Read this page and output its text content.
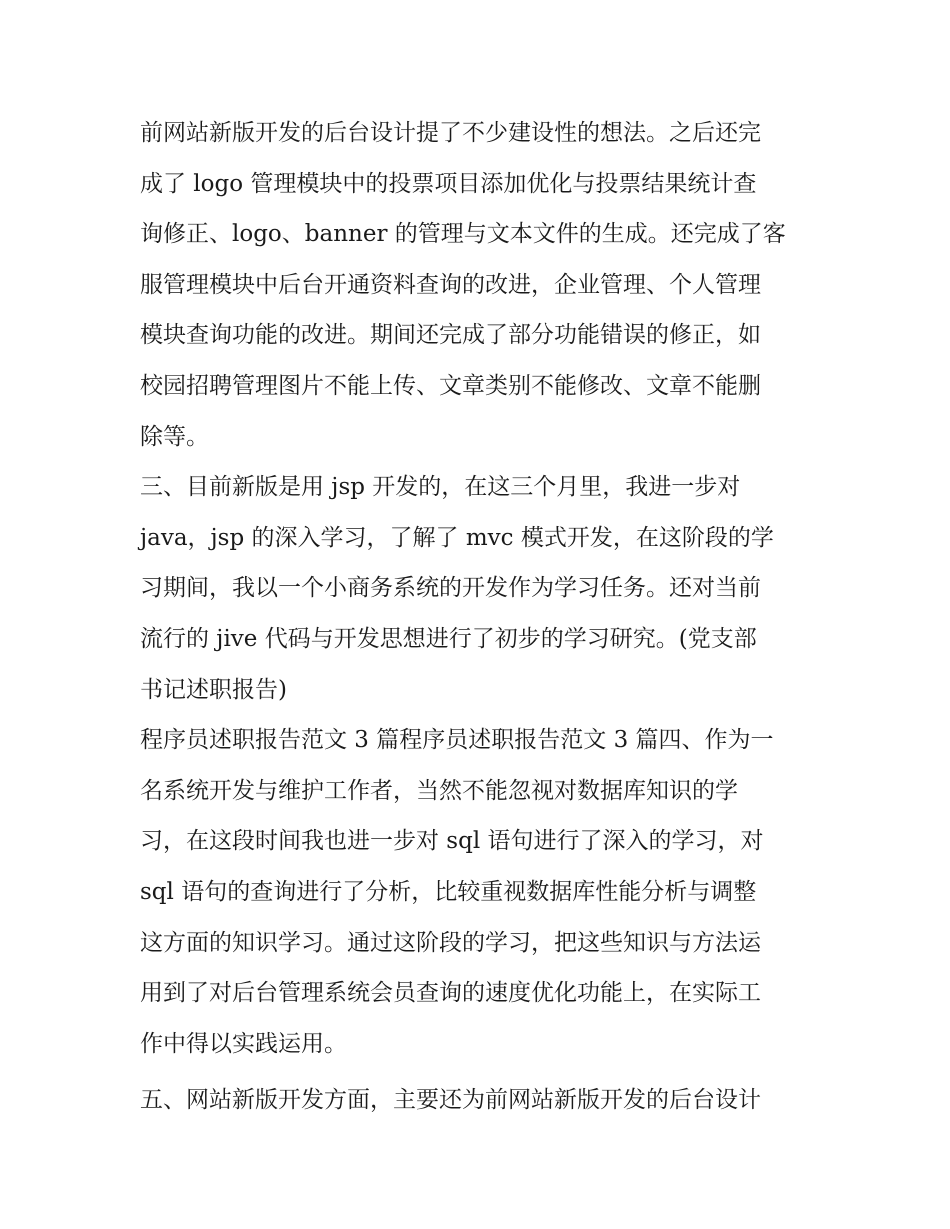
前网站新版开发的后台设计提了不少建设性的想法。之后还完
成了 logo 管理模块中的投票项目添加优化与投票结果统计查
询修正、logo、banner 的管理与文本文件的生成。还完成了客
服管理模块中后台开通资料查询的改进，企业管理、个人管理
模块查询功能的改进。期间还完成了部分功能错误的修正，如
校园招聘管理图片不能上传、文章类别不能修改、文章不能删
除等。
三、目前新版是用 jsp 开发的，在这三个月里，我进一步对
java，jsp 的深入学习，了解了 mvc 模式开发，在这阶段的学
习期间，我以一个小商务系统的开发作为学习任务。还对当前
流行的 jive 代码与开发思想进行了初步的学习研究。(党支部
书记述职报告)
程序员述职报告范文 3 篇程序员述职报告范文 3 篇四、作为一
名系统开发与维护工作者，当然不能忽视对数据库知识的学
习，在这段时间我也进一步对 sql 语句进行了深入的学习，对
sql 语句的查询进行了分析，比较重视数据库性能分析与调整
这方面的知识学习。通过这阶段的学习，把这些知识与方法运
用到了对后台管理系统会员查询的速度优化功能上，在实际工
作中得以实践运用。
五、网站新版开发方面，主要还为前网站新版开发的后台设计
